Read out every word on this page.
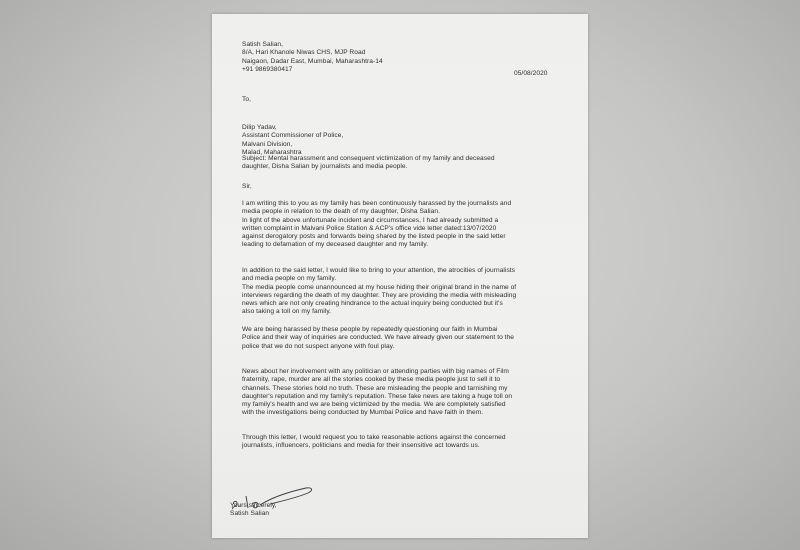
Satish Salian,
8/A, Hari Khanole Niwas CHS, MJP Road
Naigaon, Dadar East, Mumbai, Maharashtra-14
+91 9869380417
05/08/2020
To,
Dilip Yadav,
Assistant Commissioner of Police,
Malvani Division,
Malad, Maharashtra
Subject: Mental harassment and consequent victimization of my family and deceased
daughter, Disha Salian by journalists and media people.
Sir,
I am writing this to you as my family has been continuously harassed by the journalists and
media people in relation to the death of my daughter, Disha Salian.
In light of the above unfortunate incident and circumstances, I had already submitted a
written complaint in Malvani Police Station & ACP's office vide letter dated:13/07/2020
against derogatory posts and forwards being shared by the listed people in the said letter
leading to defamation of my deceased daughter and my family.
In addition to the said letter, I would like to bring to your attention, the atrocities of journalists
and media people on my family.
The media people come unannounced at my house hiding their original brand in the name of
interviews regarding the death of my daughter. They are providing the media with misleading
news which are not only creating hindrance to the actual inquiry being conducted but it's
also taking a toll on my family.
We are being harassed by these people by repeatedly questioning our faith in Mumbai
Police and their way of inquiries are conducted. We have already given our statement to the
police that we do not suspect anyone with foul play.
News about her involvement with any politician or attending parties with big names of Film
fraternity, rape, murder are all the stories cooked by these media people just to sell it to
channels. These stories hold no truth. These are misleading the people and tarnishing my
daughter's reputation and my family's reputation. These fake news are taking a huge toll on
my family's health and we are being victimized by the media. We are completely satisfied
with the investigations being conducted by Mumbai Police and have faith in them.
Through this letter, I would request you to take reasonable actions against the concerned
journalists, influencers, politicians and media for their insensitive act towards us.
Yours sincerely,
Satish Salian
